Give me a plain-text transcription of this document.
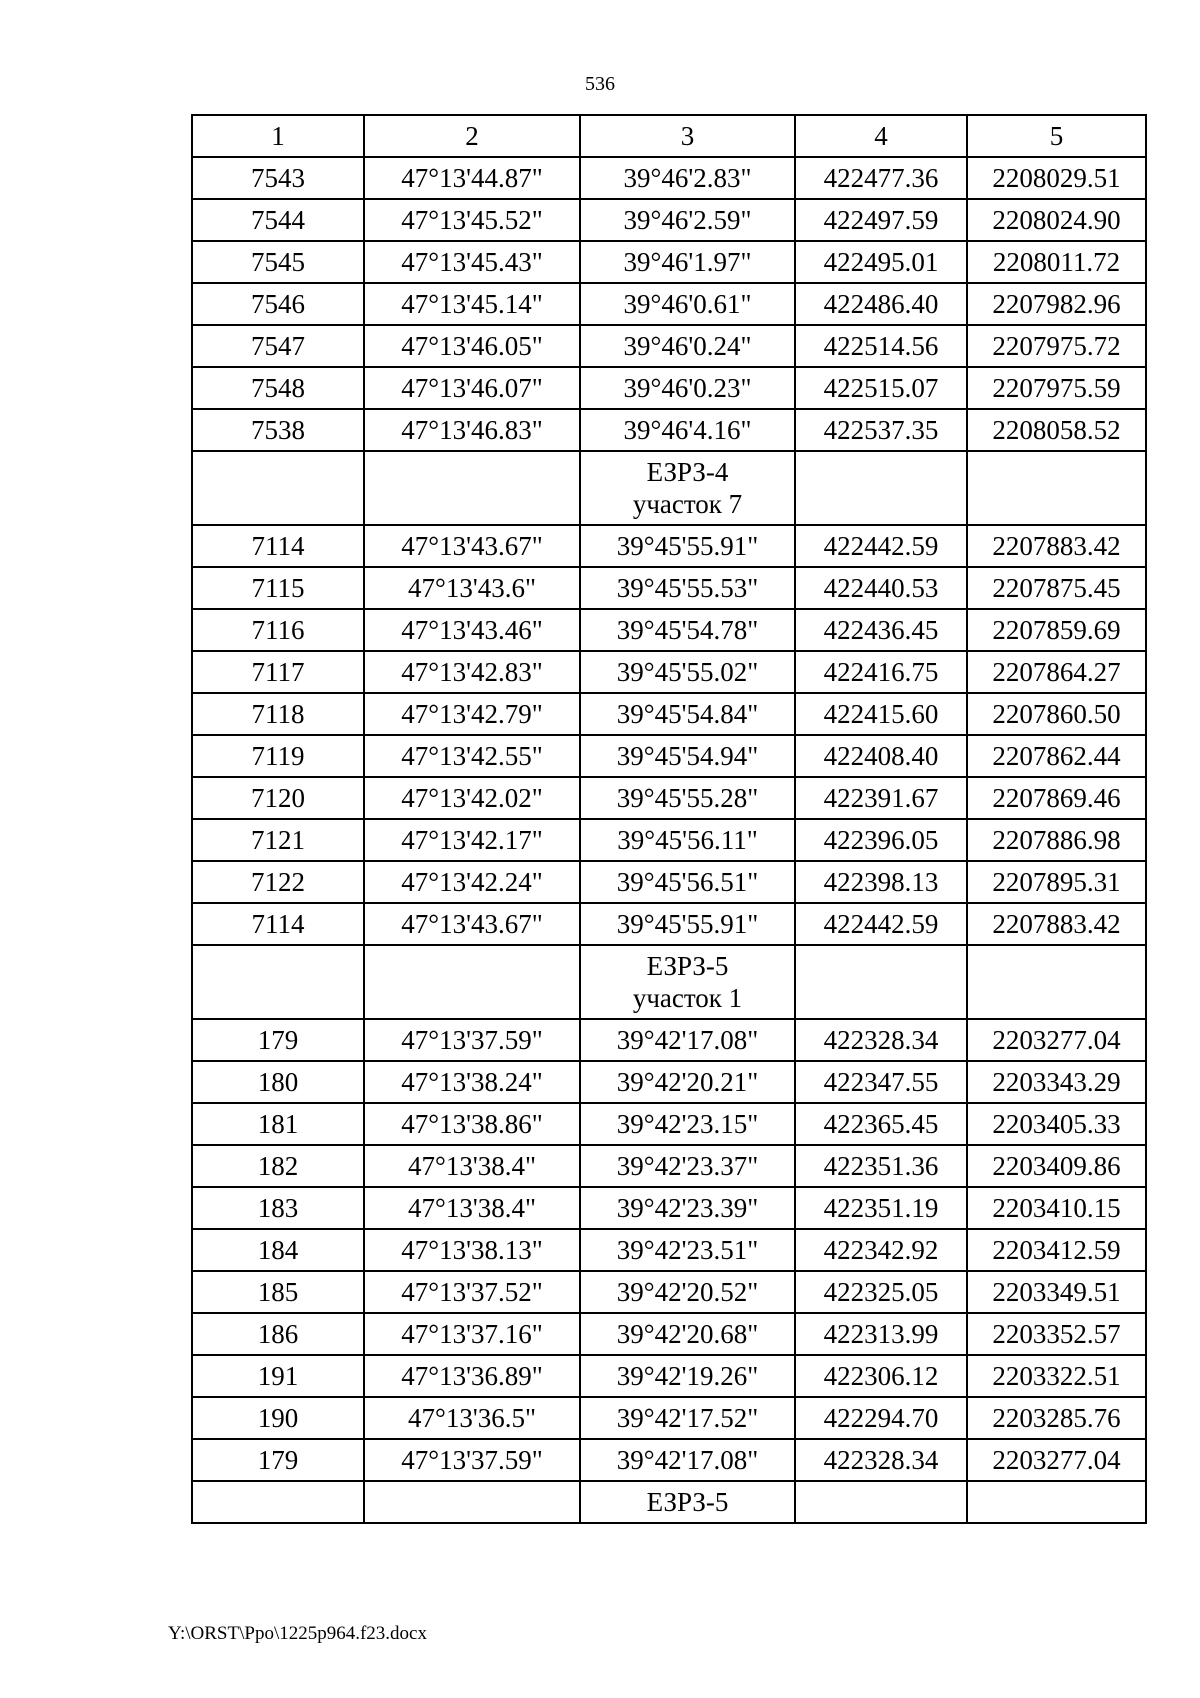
536
1	2	3	4	5
7543	47°13'44.87"	39°46'2.83"	422477.36	2208029.51
7544	47°13'45.52"	39°46'2.59"	422497.59	2208024.90
7545	47°13'45.43"	39°46'1.97"	422495.01	2208011.72
7546	47°13'45.14"	39°46'0.61"	422486.40	2207982.96
7547	47°13'46.05"	39°46'0.24"	422514.56	2207975.72
7548	47°13'46.07"	39°46'0.23"	422515.07	2207975.59
7538	47°13'46.83"	39°46'4.16"	422537.35	2208058.52

		ЕЗРЗ-4
участок 7		

7114	47°13'43.67"	39°45'55.91"	422442.59	2207883.42
7115	47°13'43.6"	39°45'55.53"	422440.53	2207875.45
7116	47°13'43.46"	39°45'54.78"	422436.45	2207859.69
7117	47°13'42.83"	39°45'55.02"	422416.75	2207864.27
7118	47°13'42.79"	39°45'54.84"	422415.60	2207860.50
7119	47°13'42.55"	39°45'54.94"	422408.40	2207862.44
7120	47°13'42.02"	39°45'55.28"	422391.67	2207869.46
7121	47°13'42.17"	39°45'56.11"	422396.05	2207886.98
7122	47°13'42.24"	39°45'56.51"	422398.13	2207895.31
7114	47°13'43.67"	39°45'55.91"	422442.59	2207883.42

		ЕЗРЗ-5
участок 1		

179	47°13'37.59"	39°42'17.08"	422328.34	2203277.04
180	47°13'38.24"	39°42'20.21"	422347.55	2203343.29
181	47°13'38.86"	39°42'23.15"	422365.45	2203405.33
182	47°13'38.4"	39°42'23.37"	422351.36	2203409.86
183	47°13'38.4"	39°42'23.39"	422351.19	2203410.15
184	47°13'38.13"	39°42'23.51"	422342.92	2203412.59
185	47°13'37.52"	39°42'20.52"	422325.05	2203349.51
186	47°13'37.16"	39°42'20.68"	422313.99	2203352.57
191	47°13'36.89"	39°42'19.26"	422306.12	2203322.51
190	47°13'36.5"	39°42'17.52"	422294.70	2203285.76
179	47°13'37.59"	39°42'17.08"	422328.34	2203277.04

		ЕЗРЗ-5		

Y:\ORST\Ppo\1225p964.f23.docx
